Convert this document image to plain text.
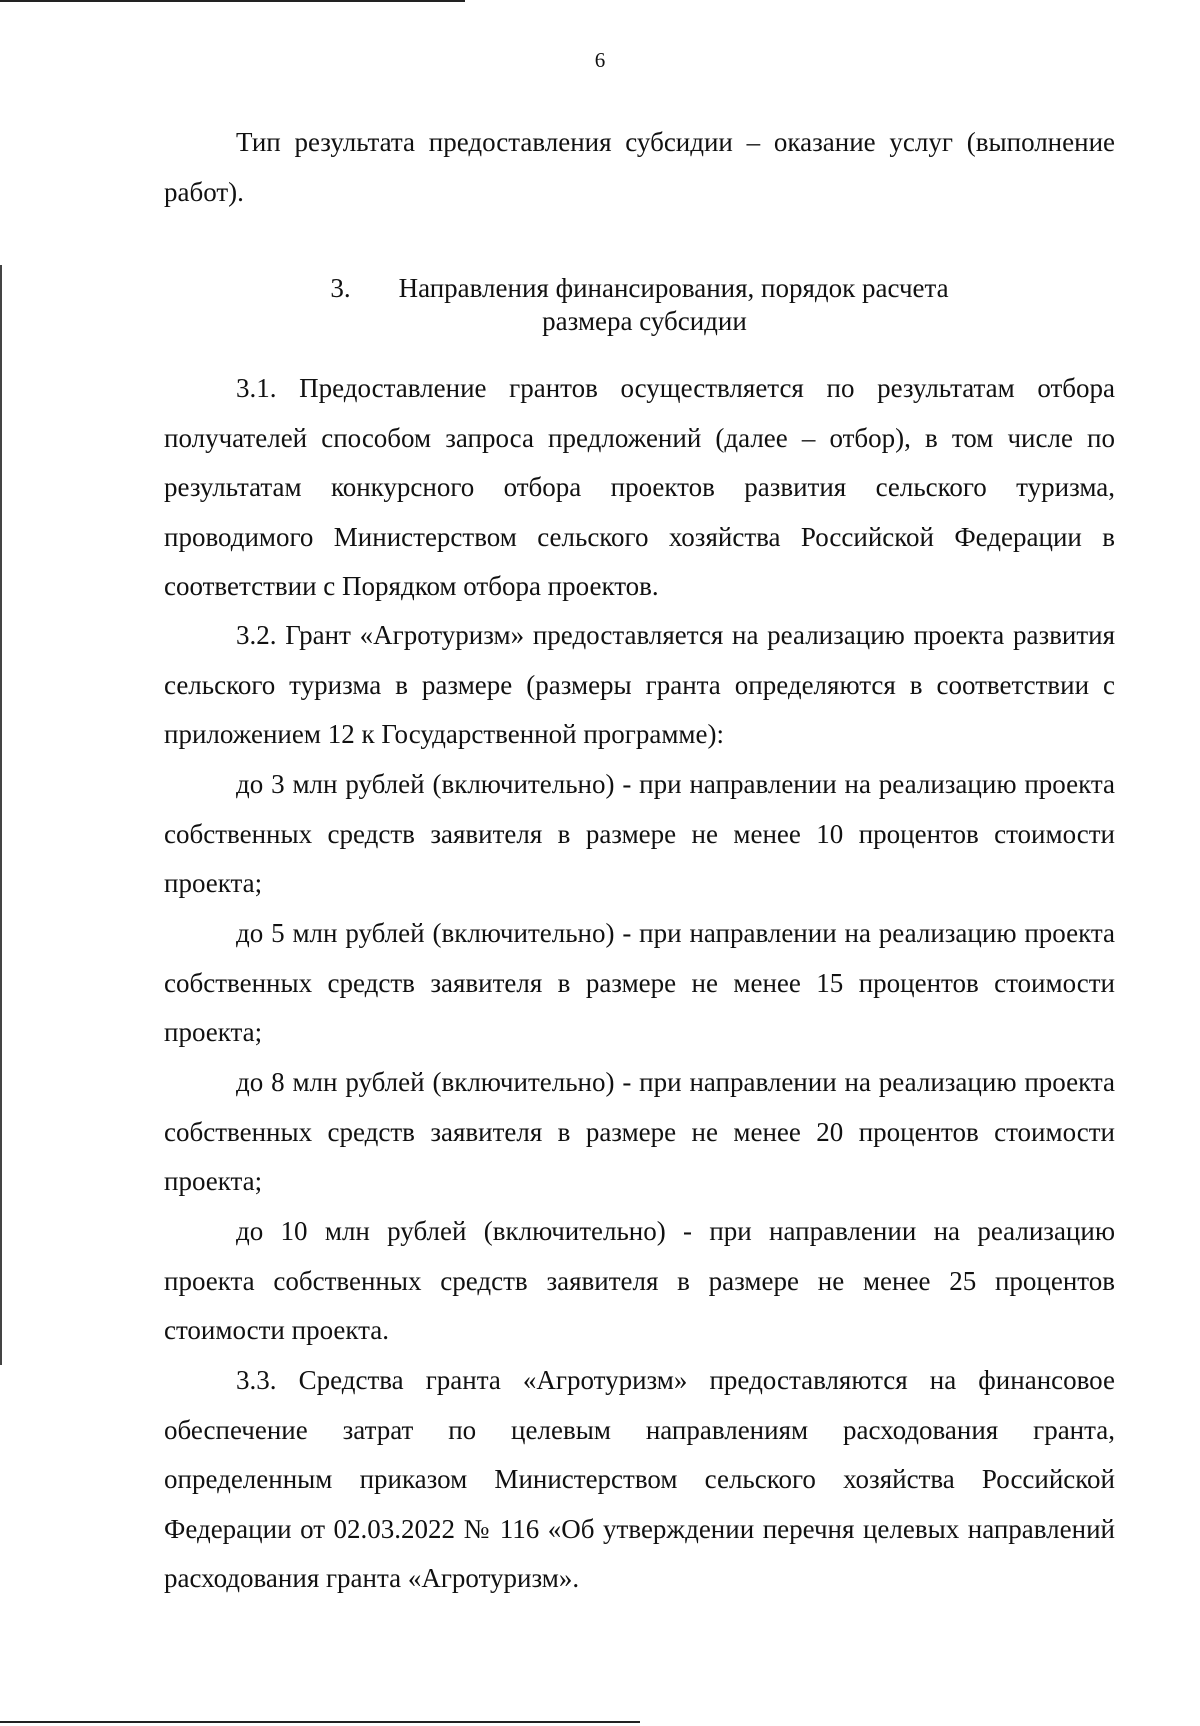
6

Тип результата предоставления субсидии – оказание услуг (выполнение работ).

3. Направления финансирования, порядок расчета
размера субсидии

3.1. Предоставление грантов осуществляется по результатам отбора получателей способом запроса предложений (далее – отбор), в том числе по результатам конкурсного отбора проектов развития сельского туризма, проводимого Министерством сельского хозяйства Российской Федерации в соответствии с Порядком отбора проектов.

3.2. Грант «Агротуризм» предоставляется на реализацию проекта развития сельского туризма в размере (размеры гранта определяются в соответствии с приложением 12 к Государственной программе):

до 3 млн рублей (включительно) - при направлении на реализацию проекта собственных средств заявителя в размере не менее 10 процентов стоимости проекта;

до 5 млн рублей (включительно) - при направлении на реализацию проекта собственных средств заявителя в размере не менее 15 процентов стоимости проекта;

до 8 млн рублей (включительно) - при направлении на реализацию проекта собственных средств заявителя в размере не менее 20 процентов стоимости проекта;

до 10 млн рублей (включительно) - при направлении на реализацию проекта собственных средств заявителя в размере не менее 25 процентов стоимости проекта.

3.3. Средства гранта «Агротуризм» предоставляются на финансовое обеспечение затрат по целевым направлениям расходования гранта, определенным приказом Министерством сельского хозяйства Российской Федерации от 02.03.2022 № 116 «Об утверждении перечня целевых направлений расходования гранта «Агротуризм».
